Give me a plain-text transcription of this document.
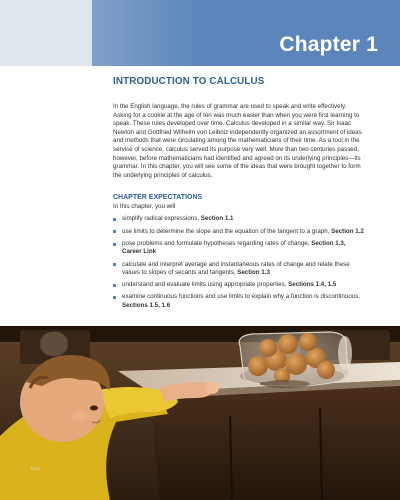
Chapter 1
INTRODUCTION TO CALCULUS

In the English language, the rules of grammar are used to speak and write effectively. Asking for a cookie at the age of ten was much easier than when you were first learning to speak. These rules developed over time. Calculus developed in a similar way. Sir Isaac Newton and Gottfried Wilhelm von Leibniz independently organized an assortment of ideas and methods that were circulating among the mathematicians of their time. As a tool in the service of science, calculus served its purpose very well. More than two centuries passed, however, before mathematicians had identified and agreed on its underlying principles—its grammar. In this chapter, you will see some of the ideas that were brought together to form the underlying principles of calculus.

CHAPTER EXPECTATIONS

In this chapter, you will

simplify radical expressions, Section 1.1
use limits to determine the slope and the equation of the tangent to a graph, Section 1.2
pose problems and formulate hypotheses regarding rates of change, Section 1.3, Career Link
calculate and interpret average and instantaneous rates of change and relate these values to slopes of secants and tangents, Section 1.3
understand and evaluate limits using appropriate properties, Sections 1.4, 1.5
examine continuous functions and use limits to explain why a function is discontinuous, Sections 1.5, 1.6
NEL
